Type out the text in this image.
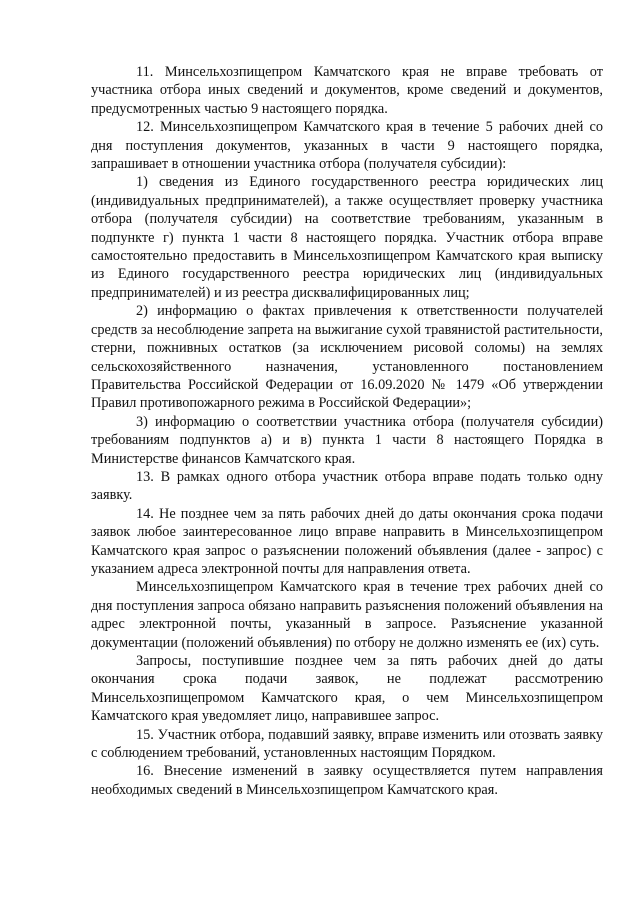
11. Минсельхозпищепром Камчатского края не вправе требовать от участника отбора иных сведений и документов, кроме сведений и документов, предусмотренных частью 9 настоящего порядка.

12. Минсельхозпищепром Камчатского края в течение 5 рабочих дней со дня поступления документов, указанных в части 9 настоящего порядка, запрашивает в отношении участника отбора (получателя субсидии):

1) сведения из Единого государственного реестра юридических лиц (индивидуальных предпринимателей), а также осуществляет проверку участника отбора (получателя субсидии) на соответствие требованиям, указанным в подпункте г) пункта 1 части 8 настоящего порядка. Участник отбора вправе самостоятельно предоставить в Минсельхозпищепром Камчатского края выписку из Единого государственного реестра юридических лиц (индивидуальных предпринимателей) и из реестра дисквалифицированных лиц;

2) информацию о фактах привлечения к ответственности получателей средств за несоблюдение запрета на выжигание сухой травянистой растительности, стерни, пожнивных остатков (за исключением рисовой соломы) на землях сельскохозяйственного назначения, установленного постановлением Правительства Российской Федерации от 16.09.2020 № 1479 «Об утверждении Правил противопожарного режима в Российской Федерации»;

3) информацию о соответствии участника отбора (получателя субсидии) требованиям подпунктов а) и в) пункта 1 части 8 настоящего Порядка в Министерстве финансов Камчатского края.

13. В рамках одного отбора участник отбора вправе подать только одну заявку.

14. Не позднее чем за пять рабочих дней до даты окончания срока подачи заявок любое заинтересованное лицо вправе направить в Минсельхозпищепром Камчатского края запрос о разъяснении положений объявления (далее - запрос) с указанием адреса электронной почты для направления ответа.

Минсельхозпищепром Камчатского края в течение трех рабочих дней со дня поступления запроса обязано направить разъяснения положений объявления на адрес электронной почты, указанный в запросе. Разъяснение указанной документации (положений объявления) по отбору не должно изменять ее (их) суть.

Запросы, поступившие позднее чем за пять рабочих дней до даты окончания срока подачи заявок, не подлежат рассмотрению Минсельхозпищепромом Камчатского края, о чем Минсельхозпищепром Камчатского края уведомляет лицо, направившее запрос.

15. Участник отбора, подавший заявку, вправе изменить или отозвать заявку с соблюдением требований, установленных настоящим Порядком.

16. Внесение изменений в заявку осуществляется путем направления необходимых сведений в Минсельхозпищепром Камчатского края.
